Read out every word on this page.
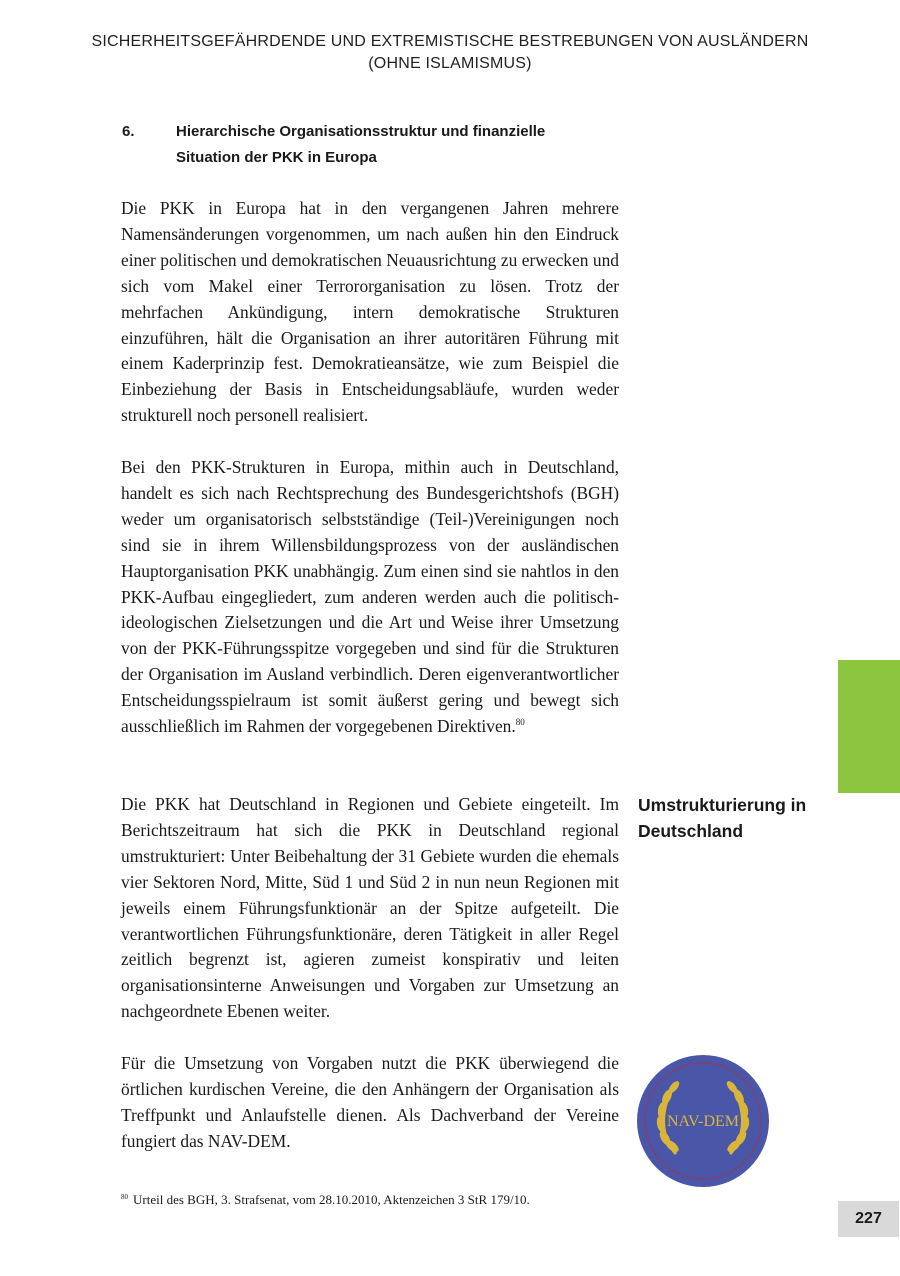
SICHERHEITSGEFÄHRDENDE UND EXTREMISTISCHE BESTREBUNGEN VON AUSLÄNDERN
(OHNE ISLAMISMUS)
6.	Hierarchische Organisationsstruktur und finanzielle
Situation der PKK in Europa

Die PKK in Europa hat in den vergangenen Jahren mehrere Namensänderungen vorgenommen, um nach außen hin den Eindruck einer politischen und demokratischen Neuausrichtung zu erwecken und sich vom Makel einer Terrororganisation zu lösen. Trotz der mehrfachen Ankündigung, intern demokratische Strukturen einzuführen, hält die Organisation an ihrer autoritären Führung mit einem Kaderprinzip fest. Demokratieansätze, wie zum Beispiel die Einbeziehung der Basis in Entscheidungsabläufe, wurden weder strukturell noch personell realisiert.

Bei den PKK-Strukturen in Europa, mithin auch in Deutschland, handelt es sich nach Rechtsprechung des Bundesgerichtshofs (BGH) weder um organisatorisch selbstständige (Teil-)Vereinigungen noch sind sie in ihrem Willensbildungsprozess von der ausländischen Hauptorganisation PKK unabhängig. Zum einen sind sie nahtlos in den PKK-Aufbau eingegliedert, zum anderen werden auch die politisch-ideologischen Zielsetzungen und die Art und Weise ihrer Umsetzung von der PKK-Führungsspitze vorgegeben und sind für die Strukturen der Organisation im Ausland verbindlich. Deren eigenverantwortlicher Entscheidungsspielraum ist somit äußerst gering und bewegt sich ausschließlich im Rahmen der vorgegebenen Direktiven.$^{80}$

Die PKK hat Deutschland in Regionen und Gebiete eingeteilt. Im Berichtszeitraum hat sich die PKK in Deutschland regional umstrukturiert: Unter Beibehaltung der 31 Gebiete wurden die ehemals vier Sektoren Nord, Mitte, Süd 1 und Süd 2 in nun neun Regionen mit jeweils einem Führungsfunktionär an der Spitze aufgeteilt. Die verantwortlichen Führungsfunktionäre, deren Tätigkeit in aller Regel zeitlich begrenzt ist, agieren zumeist konspirativ und leiten organisationsinterne Anweisungen und Vorgaben zur Umsetzung an nachgeordnete Ebenen weiter.

Für die Umsetzung von Vorgaben nutzt die PKK überwiegend die örtlichen kurdischen Vereine, die den Anhängern der Organisation als Treffpunkt und Anlaufstelle dienen. Als Dachverband der Vereine fungiert das NAV-DEM.

Umstrukturierung in
Deutschland
NAV-DEM
$^{80}$ Urteil des BGH, 3. Strafsenat, vom 28.10.2010, Aktenzeichen 3 StR 179/10.
227
